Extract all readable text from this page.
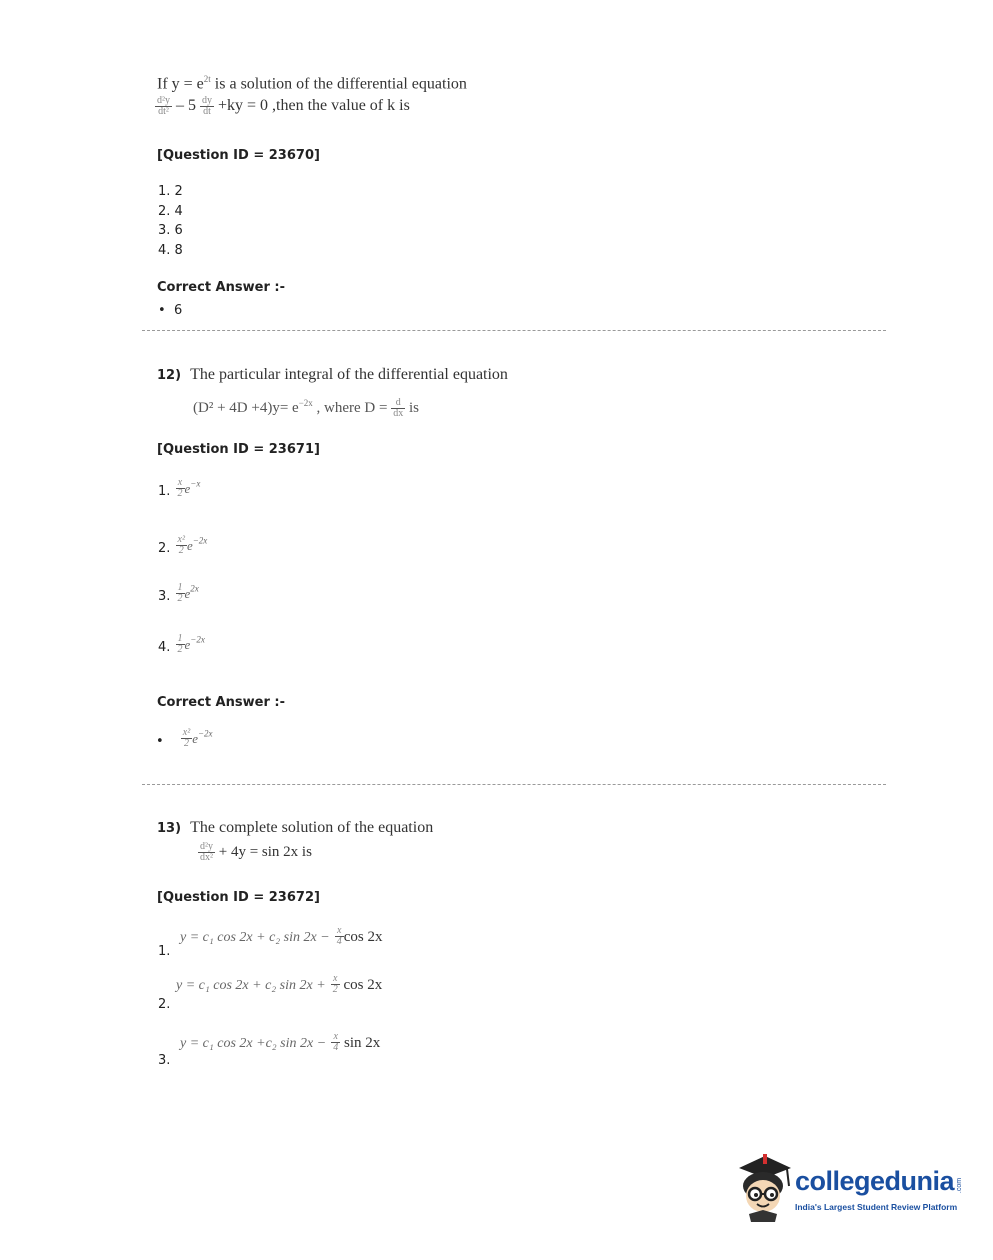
If $y = e^{2t}$ is a solution of the differential equation
$\frac{\text{d²y}}{\text{dt²}} - 5 \frac{dy}{dt} +ky = 0$ ,then the value of k is
[Question ID = 23670]
1. 2
2. 4
3. 6
4. 8
Correct Answer :-
• 6
12) The particular integral of the differential equation
$(D^2 + 4D +4)y= e^{-2x}$ , where $D = \frac{d}{dx}$ is
[Question ID = 23671]
1. $\frac{x}{2} e^{-x}$
2. $\frac{\text{x²}}{2} e^{-2x}$
3. $\frac{1}{2} e^{2x}$
4. $\frac{1}{2} e^{-2x}$
Correct Answer :-
• $\frac{\text{x²}}{2} e^{-2x}$
13) The complete solution of the equation
$\frac{\text{d²y}}{\text{dx²}} + 4y = \sin 2x$ is
[Question ID = 23672]
1.
y = c₁ cos 2x + c₂ $\sin 2x - \frac{x}{4}$ cos 2x
2.
y = c₁ cos 2x + c₂ $\sin 2x + \frac{x}{2}$ cos 2x
3.
y = c₁ cos 2x +c₂ $\sin 2x - \frac{x}{4}$ sin 2x
collegedunia .com
India's Largest Student Review Platform
